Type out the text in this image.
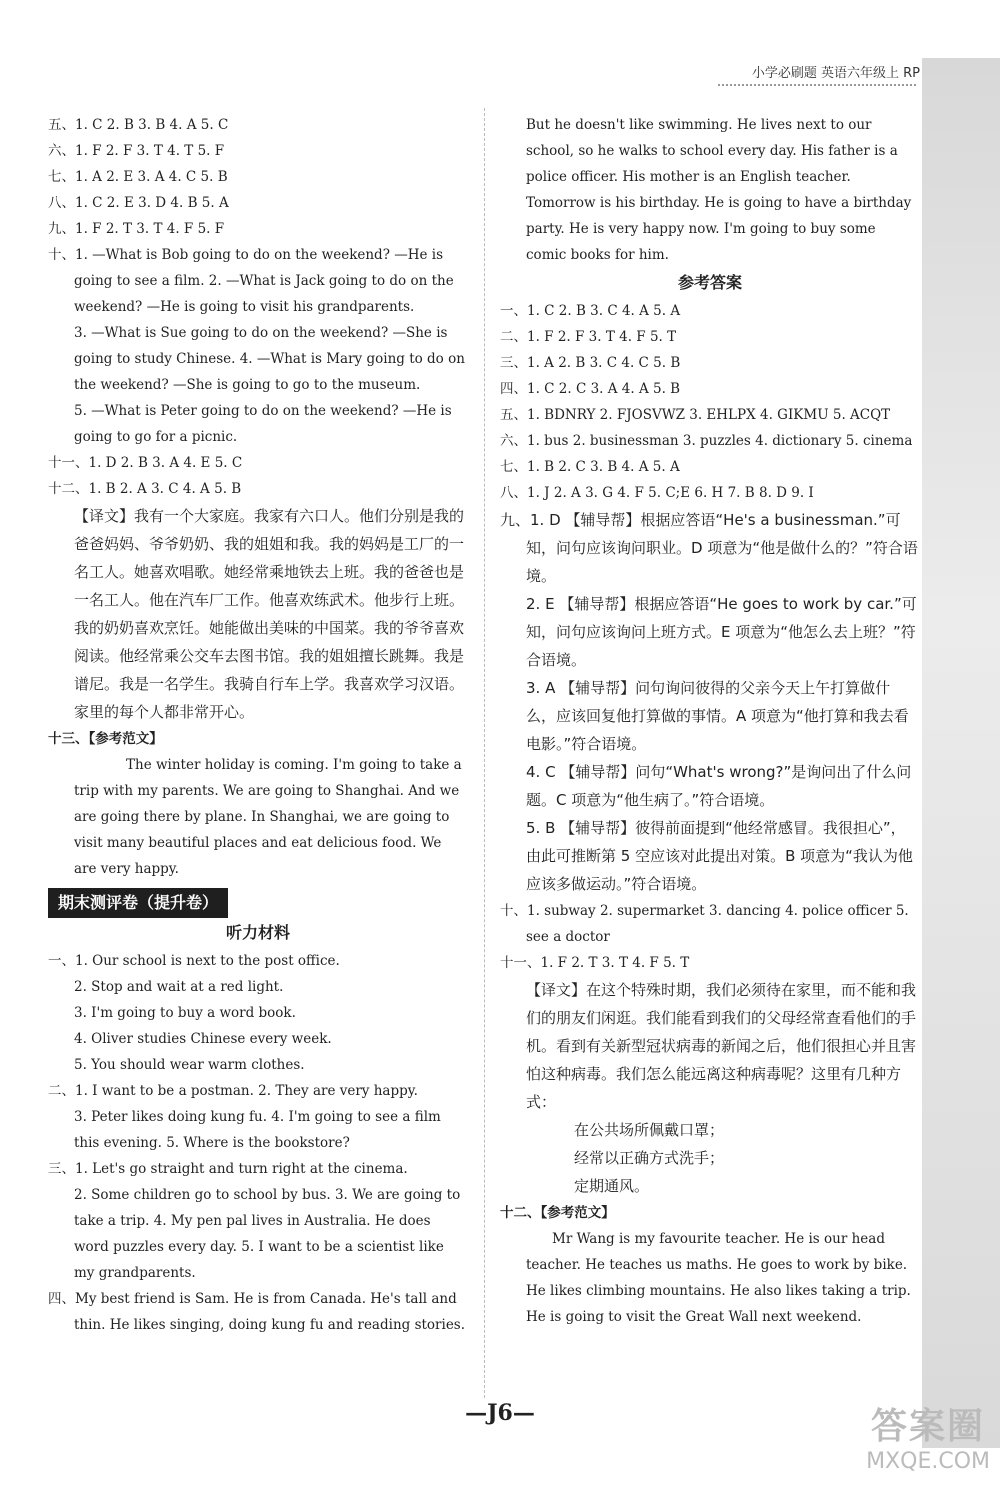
小学必刷题 英语六年级上 RP
五、1. C 2. B 3. B 4. A 5. C
六、1. F 2. F 3. T 4. T 5. F
七、1. A 2. E 3. A 4. C 5. B
八、1. C 2. E 3. D 4. B 5. A
九、1. F 2. T 3. T 4. F 5. F
十、1. —What is Bob going to do on the weekend? —He is going to see a film. 2. —What is Jack going to do on the weekend? —He is going to visit his grandparents.
3. —What is Sue going to do on the weekend? —She is going to study Chinese. 4. —What is Mary going to do on the weekend? —She is going to go to the museum.
5. —What is Peter going to do on the weekend? —He is going to go for a picnic.
十一、1. D 2. B 3. A 4. E 5. C
十二、1. B 2. A 3. C 4. A 5. B
【译文】我有一个大家庭。我家有六口人。他们分别是我的爸爸妈妈、爷爷奶奶、我的姐姐和我。我的妈妈是工厂的一名工人。她喜欢唱歌。她经常乘地铁去上班。我的爸爸也是一名工人。他在汽车厂工作。他喜欢练武术。他步行上班。我的奶奶喜欢烹饪。她能做出美味的中国菜。我的爷爷喜欢阅读。他经常乘公交车去图书馆。我的姐姐擅长跳舞。我是谱尼。我是一名学生。我骑自行车上学。我喜欢学习汉语。家里的每个人都非常开心。
十三、【参考范文】
The winter holiday is coming. I'm going to take a trip with my parents. We are going to Shanghai. And we are going there by plane. In Shanghai, we are going to visit many beautiful places and eat delicious food. We are very happy.
期末测评卷（提升卷）
听力材料
一、1. Our school is next to the post office.
2. Stop and wait at a red light.
3. I'm going to buy a word book.
4. Oliver studies Chinese every week.
5. You should wear warm clothes.
二、1. I want to be a postman. 2. They are very happy.
3. Peter likes doing kung fu. 4. I'm going to see a film this evening. 5. Where is the bookstore?
三、1. Let's go straight and turn right at the cinema.
2. Some children go to school by bus. 3. We are going to take a trip. 4. My pen pal lives in Australia. He does word puzzles every day. 5. I want to be a scientist like my grandparents.
四、My best friend is Sam. He is from Canada. He's tall and thin. He likes singing, doing kung fu and reading stories.
But he doesn't like swimming. He lives next to our school, so he walks to school every day. His father is a police officer. His mother is an English teacher. Tomorrow is his birthday. He is going to have a birthday party. He is very happy now. I'm going to buy some comic books for him.
参考答案
一、1. C 2. B 3. C 4. A 5. A
二、1. F 2. F 3. T 4. F 5. T
三、1. A 2. B 3. C 4. C 5. B
四、1. C 2. C 3. A 4. A 5. B
五、1. BDNRY 2. FJOSVWZ 3. EHLPX 4. GIKMU 5. ACQT
六、1. bus 2. businessman 3. puzzles 4. dictionary 5. cinema
七、1. B 2. C 3. B 4. A 5. A
八、1. J 2. A 3. G 4. F 5. C;E 6. H 7. B 8. D 9. I
九、1. D 【辅导帮】根据应答语“He's a businessman.”可知，问句应该询问职业。D 项意为“他是做什么的？”符合语境。
2. E 【辅导帮】根据应答语“He goes to work by car.”可知，问句应该询问上班方式。E 项意为“他怎么去上班？”符合语境。
3. A 【辅导帮】问句询问彼得的父亲今天上午打算做什么，应该回复他打算做的事情。A 项意为“他打算和我去看电影。”符合语境。
4. C 【辅导帮】问句“What's wrong?”是询问出了什么问题。C 项意为“他生病了。”符合语境。
5. B 【辅导帮】彼得前面提到“他经常感冒。我很担心”，由此可推断第 5 空应该对此提出对策。B 项意为“我认为他应该多做运动。”符合语境。
十、1. subway 2. supermarket 3. dancing 4. police officer 5. see a doctor
十一、1. F 2. T 3. T 4. F 5. T
【译文】在这个特殊时期，我们必须待在家里，而不能和我们的朋友们闲逛。我们能看到我们的父母经常查看他们的手机。看到有关新型冠状病毒的新闻之后，他们很担心并且害怕这种病毒。我们怎么能远离这种病毒呢？这里有几种方式：
在公共场所佩戴口罩；
经常以正确方式洗手；
定期通风。
十二、【参考范文】
Mr Wang is my favourite teacher. He is our head teacher. He teaches us maths. He goes to work by bike. He likes climbing mountains. He also likes taking a trip. He is going to visit the Great Wall next weekend.
—J6—	答案圈
MXQE.COM
